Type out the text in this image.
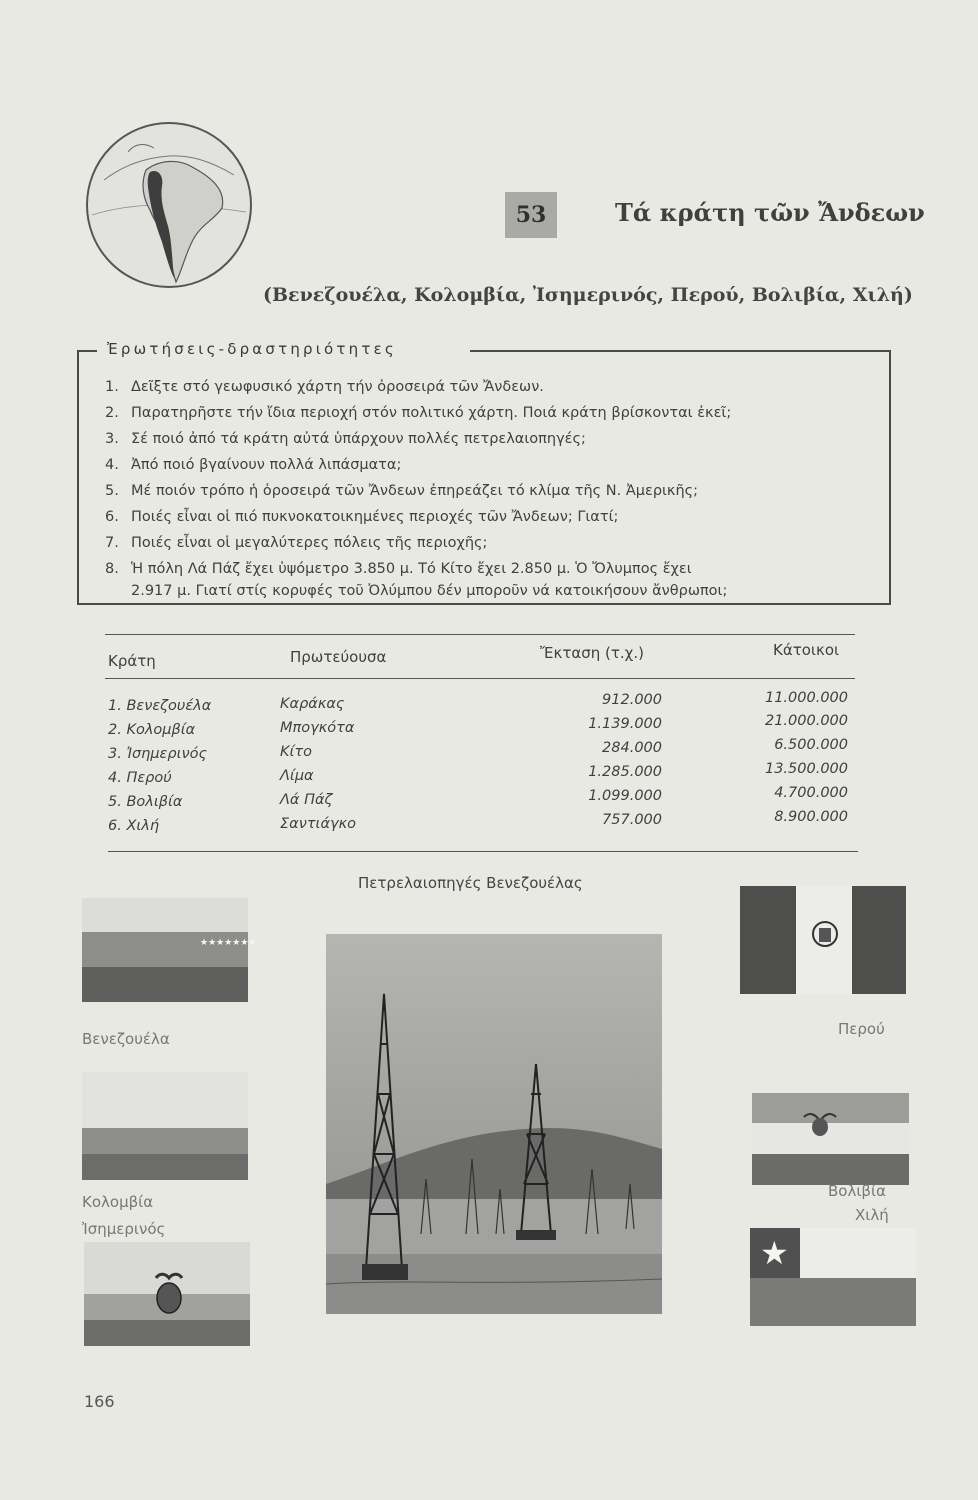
53	Τά κράτη τῶν Ἄνδεων
(Βενεζουέλα, Κολομβία, Ἰσημερινός, Περού, Βολιβία, Χιλή)
Ἐρωτήσεις-δραστηριότητες
1. Δεῖξτε στό γεωφυσικό χάρτη τήν ὀροσειρά τῶν Ἄνδεων.
2. Παρατηρῆστε τήν ἴδια περιοχή στόν πολιτικό χάρτη. Ποιά κράτη βρίσκονται ἐκεῖ;
3. Σέ ποιό ἀπό τά κράτη αὐτά ὑπάρχουν πολλές πετρελαιοπηγές;
4. Ἀπό ποιό βγαίνουν πολλά λιπάσματα;
5. Μέ ποιόν τρόπο ἡ ὀροσειρά τῶν Ἄνδεων ἐπηρεάζει τό κλίμα τῆς Ν. Ἀμερικῆς;
6. Ποιές εἶναι οἱ πιό πυκνοκατοικημένες περιοχές τῶν Ἄνδεων; Γιατί;
7. Ποιές εἶναι οἱ μεγαλύτερες πόλεις τῆς περιοχῆς;
8. Ἡ πόλη Λά Πάζ ἔχει ὑψόμετρο 3.850 μ. Τό Κίτο ἔχει 2.850 μ. Ὁ Ὄλυμπος ἔχει
2.917 μ. Γιατί στίς κορυφές τοῦ Ὀλύμπου δέν μποροῦν νά κατοικήσουν ἄνθρωποι;
Κράτη	Πρωτεύουσα	Ἔκταση (τ.χ.)	Κάτοικοι
1. Βενεζουέλα	Καράκας	912.000	11.000.000
2. Κολομβία	Μπογκότα	1.139.000	21.000.000
3. Ἰσημερινός	Κίτο	284.000	6.500.000
4. Περού	Λίμα	1.285.000	13.500.000
5. Βολιβία	Λά Πάζ	1.099.000	4.700.000
6. Χιλή	Σαντιάγκο	757.000	8.900.000
Πετρελαιοπηγές Βενεζουέλας
★★★★★★★
Βενεζουέλα
Κολομβία
Ἰσημερινός
Περού
Βολιβία
Χιλή
★
166
